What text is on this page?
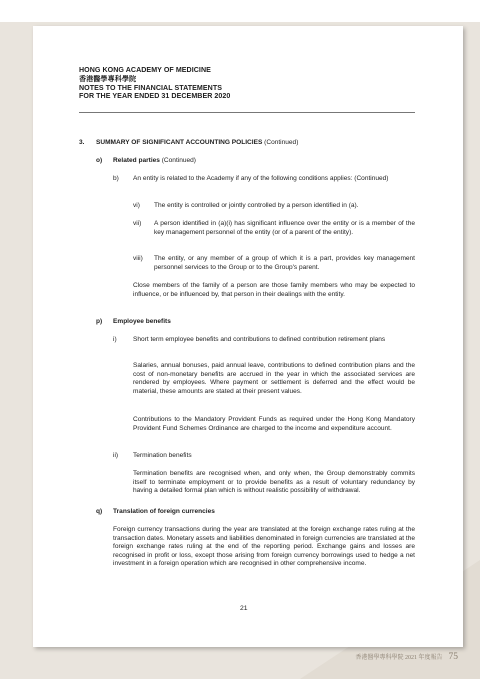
HONG KONG ACADEMY OF MEDICINE
香港醫學專科學院
NOTES TO THE FINANCIAL STATEMENTS
FOR THE YEAR ENDED 31 DECEMBER 2020
3. SUMMARY OF SIGNIFICANT ACCOUNTING POLICIES (Continued)
o) Related parties (Continued)
b) An entity is related to the Academy if any of the following conditions applies: (Continued)
vi) The entity is controlled or jointly controlled by a person identified in (a).
vii) A person identified in (a)(i) has significant influence over the entity or is a member of the key management personnel of the entity (or of a parent of the entity).
viii) The entity, or any member of a group of which it is a part, provides key management personnel services to the Group or to the Group's parent.
Close members of the family of a person are those family members who may be expected to influence, or be influenced by, that person in their dealings with the entity.
p) Employee benefits
i) Short term employee benefits and contributions to defined contribution retirement plans
Salaries, annual bonuses, paid annual leave, contributions to defined contribution plans and the cost of non-monetary benefits are accrued in the year in which the associated services are rendered by employees. Where payment or settlement is deferred and the effect would be material, these amounts are stated at their present values.
Contributions to the Mandatory Provident Funds as required under the Hong Kong Mandatory Provident Fund Schemes Ordinance are charged to the income and expenditure account.
ii) Termination benefits
Termination benefits are recognised when, and only when, the Group demonstrably commits itself to terminate employment or to provide benefits as a result of voluntary redundancy by having a detailed formal plan which is without realistic possibility of withdrawal.
q) Translation of foreign currencies
Foreign currency transactions during the year are translated at the foreign exchange rates ruling at the transaction dates. Monetary assets and liabilities denominated in foreign currencies are translated at the foreign exchange rates ruling at the end of the reporting period. Exchange gains and losses are recognised in profit or loss, except those arising from foreign currency borrowings used to hedge a net investment in a foreign operation which are recognised in other comprehensive income.
21
香港醫學專科學院 2021 年度報告 75
